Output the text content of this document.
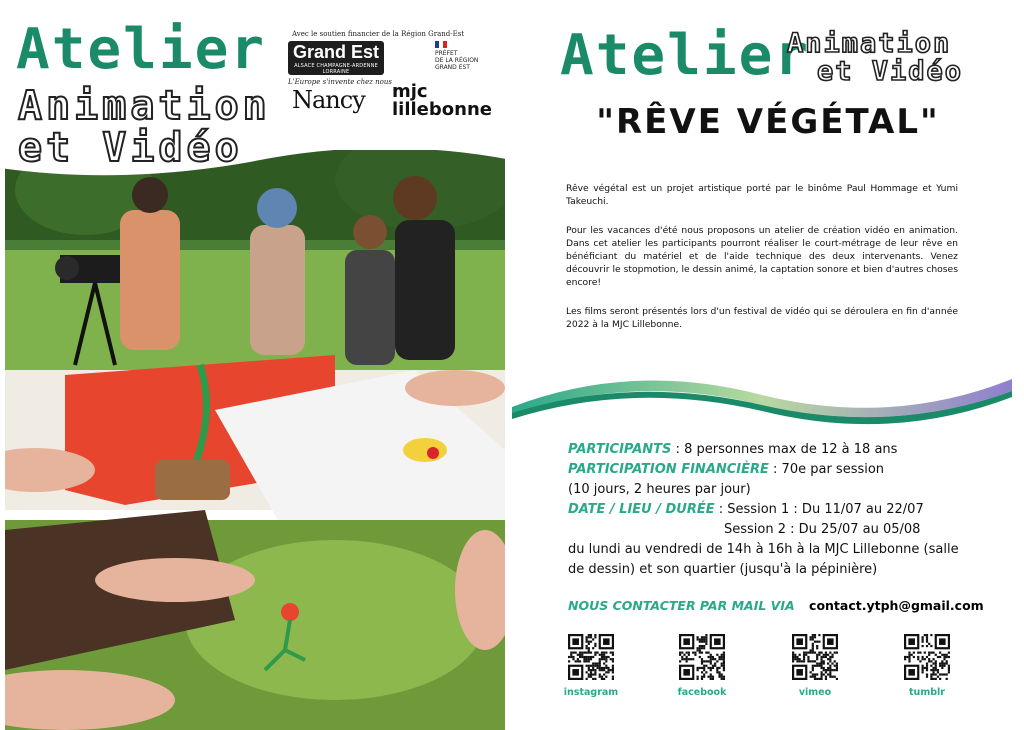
Atelier
Animation
et Vidéo
Avec le soutien financier de la Région Grand-Est
Grand Est
ALSACE CHAMPAGNE-ARDENNE LORRAINE
L'Europe s'invente chez nous
PRÉFET
DE LA RÉGION
GRAND EST
Nancy mjc
lillebonne
Atelier
Animation
et Vidéo
"RÊVE VÉGÉTAL"
Rêve végétal est un projet artistique porté par le binôme Paul Hommage et Yumi Takeuchi.
Pour les vacances d'été nous proposons un atelier de création vidéo en animation. Dans cet atelier les participants pourront réaliser le court-métrage de leur rêve en bénéficiant du matériel et de l'aide technique des deux intervenants. Venez découvrir le stopmotion, le dessin animé, la captation sonore et bien d'autres choses encore!
Les films seront présentés lors d'un festival de vidéo qui se déroulera en fin d'année 2022 à la MJC Lillebonne.
PARTICIPANTS : 8 personnes max de 12 à 18 ans
PARTICIPATION FINANCIÈRE : 70e par session
(10 jours, 2 heures par jour)
DATE / LIEU / DURÉE : Session 1 : Du 11/07 au 22/07
Session 2 : Du 25/07 au 05/08
du lundi au vendredi de 14h à 16h à la MJC Lillebonne (salle de dessin) et son quartier (jusqu'à la pépinière)
NOUS CONTACTER PAR MAIL VIA contact.ytph@gmail.com
instagram	facebook	vimeo	tumblr
